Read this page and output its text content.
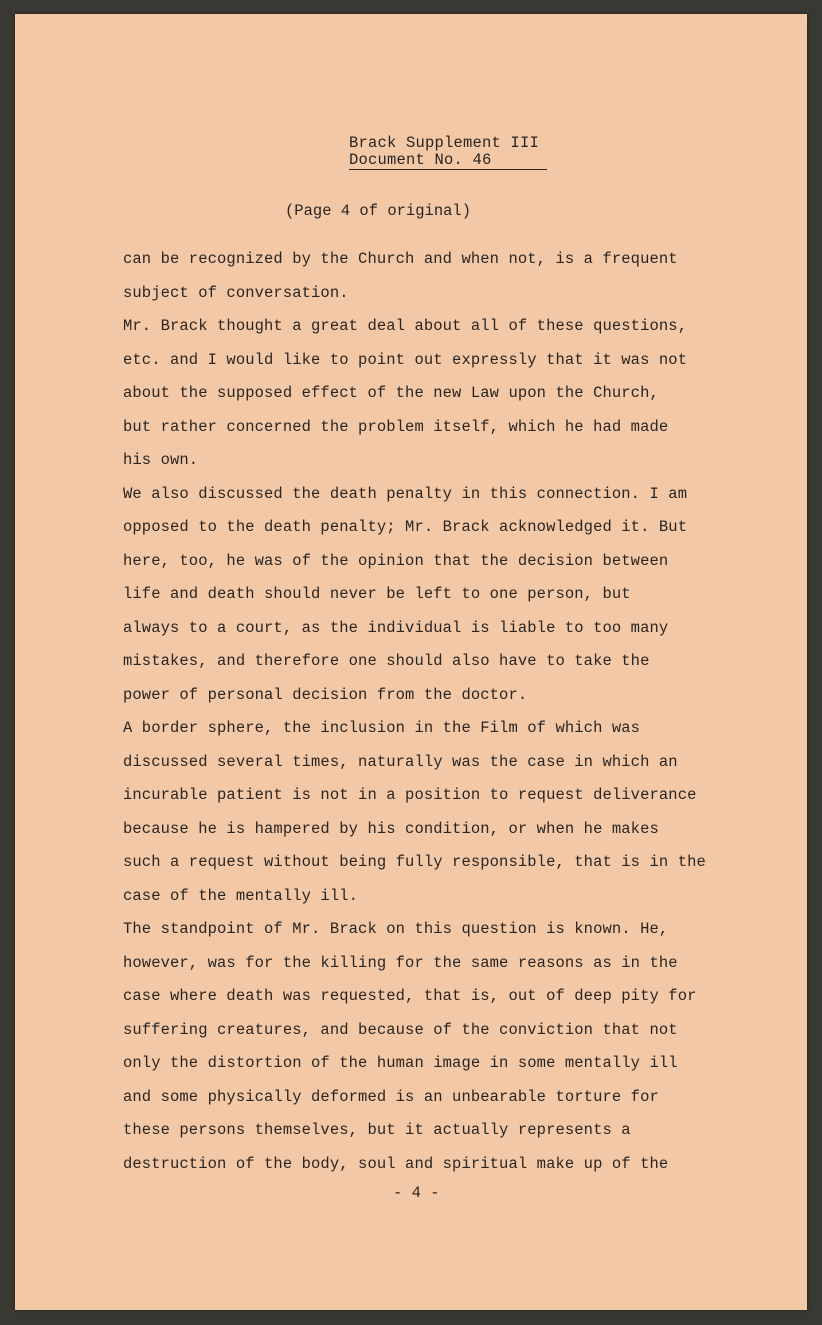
Brack Supplement III
Document No. 46
(Page 4 of original)
can be recognized by the Church and when not, is a frequent
subject of conversation.
Mr. Brack thought a great deal about all of these questions,
etc. and I would like to point out expressly that it was not
about the supposed effect of the new Law upon the Church,
but rather concerned the problem itself, which he had made
his own.
We also discussed the death penalty in this connection. I am
opposed to the death penalty; Mr. Brack acknowledged it. But
here, too, he was of the opinion that the decision between
life and death should never be left to one person, but
always to a court, as the individual is liable to too many
mistakes, and therefore one should also have to take the
power of personal decision from the doctor.
A border sphere, the inclusion in the Film of which was
discussed several times, naturally was the case in which an
incurable patient is not in a position to request deliverance
because he is hampered by his condition, or when he makes
such a request without being fully responsible, that is in the
case of the mentally ill.
The standpoint of Mr. Brack on this question is known. He,
however, was for the killing for the same reasons as in the
case where death was requested, that is, out of deep pity for
suffering creatures, and because of the conviction that not
only the distortion of the human image in some mentally ill
and some physically deformed is an unbearable torture for
these persons themselves, but it actually represents a
destruction of the body, soul and spiritual make up of the
- 4 -
